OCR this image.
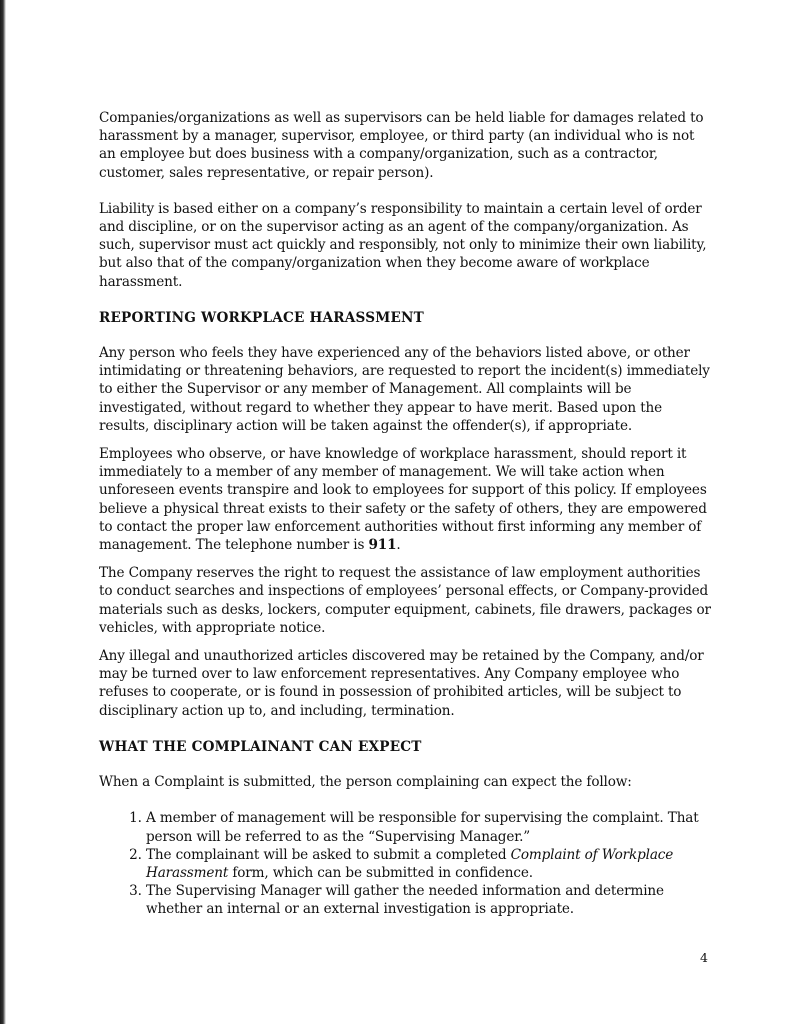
Companies/organizations as well as supervisors can be held liable for damages related to harassment by a manager, supervisor, employee, or third party (an individual who is not an employee but does business with a company/organization, such as a contractor, customer, sales representative, or repair person).

Liability is based either on a company’s responsibility to maintain a certain level of order and discipline, or on the supervisor acting as an agent of the company/organization. As such, supervisor must act quickly and responsibly, not only to minimize their own liability, but also that of the company/organization when they become aware of workplace harassment.

REPORTING WORKPLACE HARASSMENT

Any person who feels they have experienced any of the behaviors listed above, or other intimidating or threatening behaviors, are requested to report the incident(s) immediately to either the Supervisor or any member of Management. All complaints will be investigated, without regard to whether they appear to have merit. Based upon the results, disciplinary action will be taken against the offender(s), if appropriate.

Employees who observe, or have knowledge of workplace harassment, should report it immediately to a member of any member of management. We will take action when unforeseen events transpire and look to employees for support of this policy. If employees believe a physical threat exists to their safety or the safety of others, they are empowered to contact the proper law enforcement authorities without first informing any member of management. The telephone number is 911.

The Company reserves the right to request the assistance of law employment authorities to conduct searches and inspections of employees’ personal effects, or Company-provided materials such as desks, lockers, computer equipment, cabinets, file drawers, packages or vehicles, with appropriate notice.

Any illegal and unauthorized articles discovered may be retained by the Company, and/or may be turned over to law enforcement representatives. Any Company employee who refuses to cooperate, or is found in possession of prohibited articles, will be subject to disciplinary action up to, and including, termination.

WHAT THE COMPLAINANT CAN EXPECT

When a Complaint is submitted, the person complaining can expect the follow:

1. A member of management will be responsible for supervising the complaint. That person will be referred to as the “Supervising Manager.”
2. The complainant will be asked to submit a completed Complaint of Workplace Harassment form, which can be submitted in confidence.
3. The Supervising Manager will gather the needed information and determine whether an internal or an external investigation is appropriate.
4
